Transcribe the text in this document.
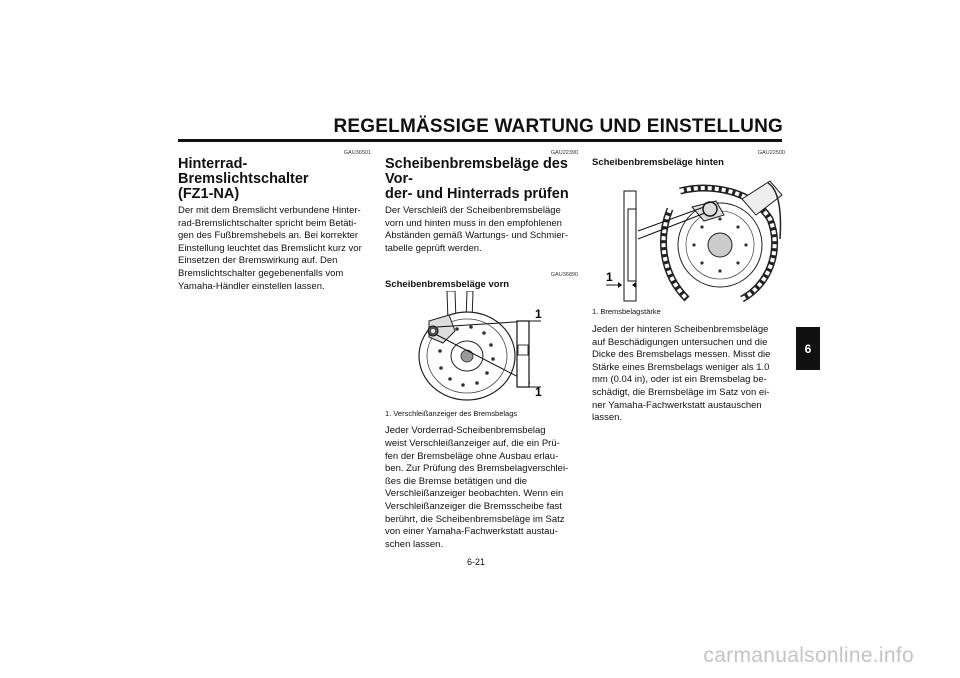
REGELMÄSSIGE WARTUNG UND EINSTELLUNG
GAU36501
Hinterrad-Bremslichtschalter
(FZ1-NA)

Der mit dem Bremslicht verbundene Hinter-
rad-Bremslichtschalter spricht beim Betäti-
gen des Fußbremshebels an. Bei korrekter
Einstellung leuchtet das Bremslicht kurz vor
Einsetzen der Bremswirkung auf. Den
Bremslichtschalter gegebenenfalls vom
Yamaha-Händler einstellen lassen.

GAU22390
Scheibenbremsbeläge des Vor-
der- und Hinterrads prüfen

Der Verschleiß der Scheibenbremsbeläge
vorn und hinten muss in den empfohlenen
Abständen gemäß Wartungs- und Schmier-
tabelle geprüft werden.

GAU36890
Scheibenbremsbeläge vorn
1
1
1. Verschleißanzeiger des Bremsbelags

Jeder Vorderrad-Scheibenbremsbelag
weist Verschleißanzeiger auf, die ein Prü-
fen der Bremsbeläge ohne Ausbau erlau-
ben. Zur Prüfung des Bremsbelagverschlei-
ßes die Bremse betätigen und die
Verschleißanzeiger beobachten. Wenn ein
Verschleißanzeiger die Bremsscheibe fast
berührt, die Scheibenbremsbeläge im Satz
von einer Yamaha-Fachwerkstatt austau-
schen lassen.

GAU22500
Scheibenbremsbeläge hinten
1
1. Bremsbelagstärke

Jeden der hinteren Scheibenbremsbeläge
auf Beschädigungen untersuchen und die
Dicke des Bremsbelags messen. Misst die
Stärke eines Bremsbelags weniger als 1.0
mm (0.04 in), oder ist ein Bremsbelag be-
schädigt, die Bremsbeläge im Satz von ei-
ner Yamaha-Fachwerkstatt austauschen
lassen.

6
6-21
carmanualsonline.info
